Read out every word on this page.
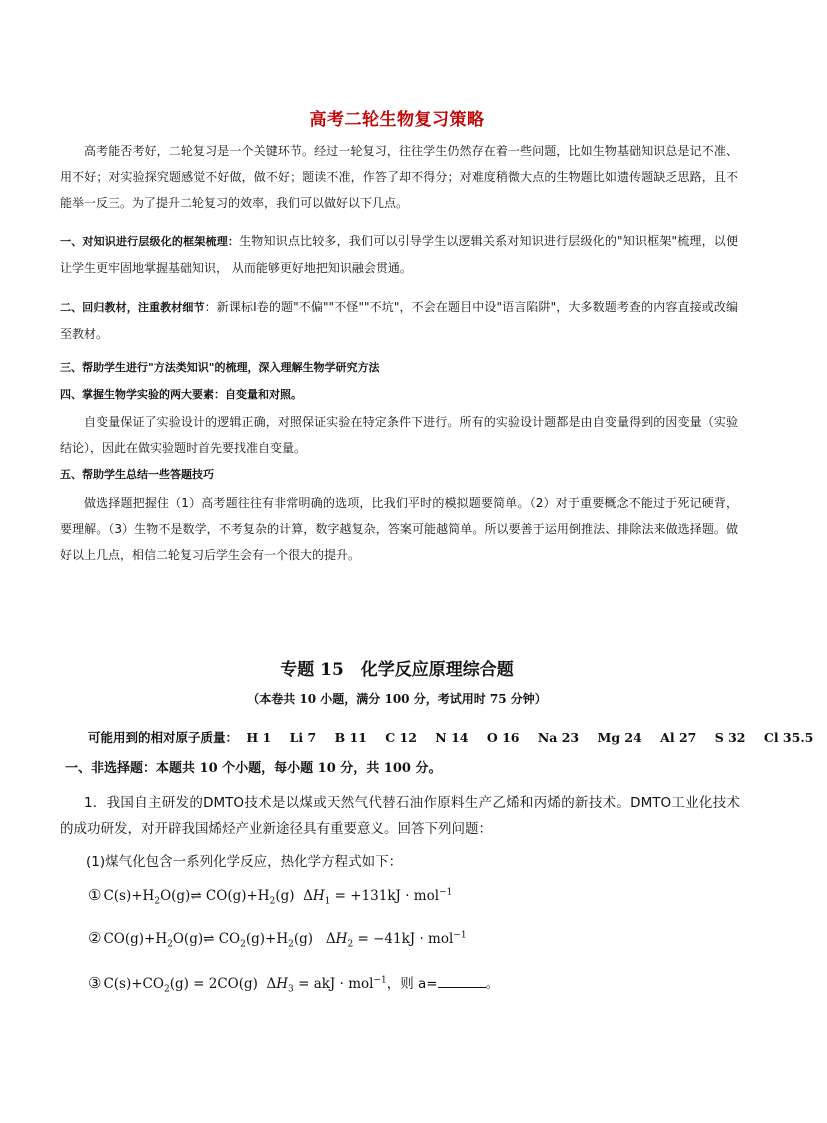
高考二轮生物复习策略
高考能否考好，二轮复习是一个关键环节。经过一轮复习，往往学生仍然存在着一些问题，比如生物基础知识总是记不准、用不好；对实验探究题感觉不好做，做不好；题读不准，作答了却不得分；对难度稍微大点的生物题比如遗传题缺乏思路，且不能举一反三。为了提升二轮复习的效率，我们可以做好以下几点。
一、对知识进行层级化的框架梳理：生物知识点比较多，我们可以引导学生以逻辑关系对知识进行层级化的"知识框架"梳理，以便让学生更牢固地掌握基础知识， 从而能够更好地把知识融会贯通。
二、回归教材，注重教材细节：新课标Ⅰ卷的题"不偏""不怪""不坑"，不会在题目中设"语言陷阱"，大多数题考查的内容直接或改编至教材。
三、帮助学生进行"方法类知识"的梳理，深入理解生物学研究方法
四、掌握生物学实验的两大要素：自变量和对照。
自变量保证了实验设计的逻辑正确，对照保证实验在特定条件下进行。所有的实验设计题都是由自变量得到的因变量（实验结论），因此在做实验题时首先要找准自变量。
五、帮助学生总结一些答题技巧
做选择题把握住（1）高考题往往有非常明确的选项，比我们平时的模拟题要简单。（2）对于重要概念不能过于死记硬背，要理解。（3）生物不是数学，不考复杂的计算，数字越复杂，答案可能越简单。所以要善于运用倒推法、排除法来做选择题。做好以上几点，相信二轮复习后学生会有一个很大的提升。
专题 15　化学反应原理综合题
（本卷共 10 小题，满分 100 分，考试用时 75 分钟）
可能用到的相对原子质量： H 1 Li 7 B 11 C 12 N 14 O 16 Na 23 Mg 24 Al 27 S 32 Cl 35.5
一、非选择题：本题共 10 个小题，每小题 10 分，共 100 分。
1．我国自主研发的DMTO技术是以煤或天然气代替石油作原料生产乙烯和丙烯的新技术。DMTO工业化技术的成功研发，对开辟我国烯烃产业新途径具有重要意义。回答下列问题：
(1)煤气化包含一系列化学反应，热化学方程式如下：
① $C(s)+H_2O(g)\rightleftharpoons$ $CO(g)+H_2(g) \Delta H_1 = +131kJ \cdot mol^{-1}$
② $CO(g)+H_2O(g)\rightleftharpoons$ $CO_2(g)+H_2(g) \Delta H_2 = -41kJ \cdot mol^{-1}$
③ $C(s)+CO_2(g) = 2CO(g) \Delta H_3$ = akJ · mol$^{-1}$，则 a=	。
